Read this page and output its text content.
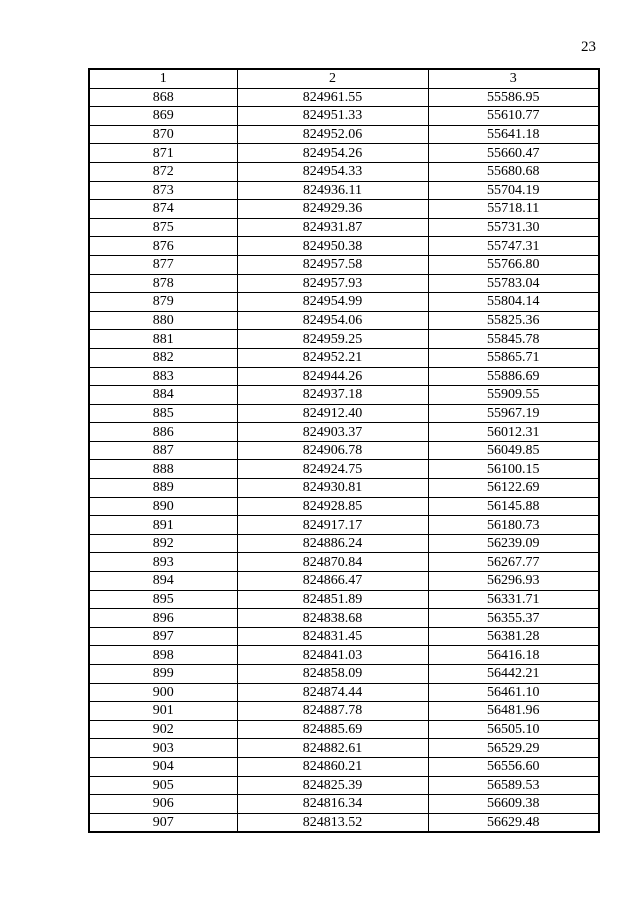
23
1	2	3
868	824961.55	55586.95
869	824951.33	55610.77
870	824952.06	55641.18
871	824954.26	55660.47
872	824954.33	55680.68
873	824936.11	55704.19
874	824929.36	55718.11
875	824931.87	55731.30
876	824950.38	55747.31
877	824957.58	55766.80
878	824957.93	55783.04
879	824954.99	55804.14
880	824954.06	55825.36
881	824959.25	55845.78
882	824952.21	55865.71
883	824944.26	55886.69
884	824937.18	55909.55
885	824912.40	55967.19
886	824903.37	56012.31
887	824906.78	56049.85
888	824924.75	56100.15
889	824930.81	56122.69
890	824928.85	56145.88
891	824917.17	56180.73
892	824886.24	56239.09
893	824870.84	56267.77
894	824866.47	56296.93
895	824851.89	56331.71
896	824838.68	56355.37
897	824831.45	56381.28
898	824841.03	56416.18
899	824858.09	56442.21
900	824874.44	56461.10
901	824887.78	56481.96
902	824885.69	56505.10
903	824882.61	56529.29
904	824860.21	56556.60
905	824825.39	56589.53
906	824816.34	56609.38
907	824813.52	56629.48
